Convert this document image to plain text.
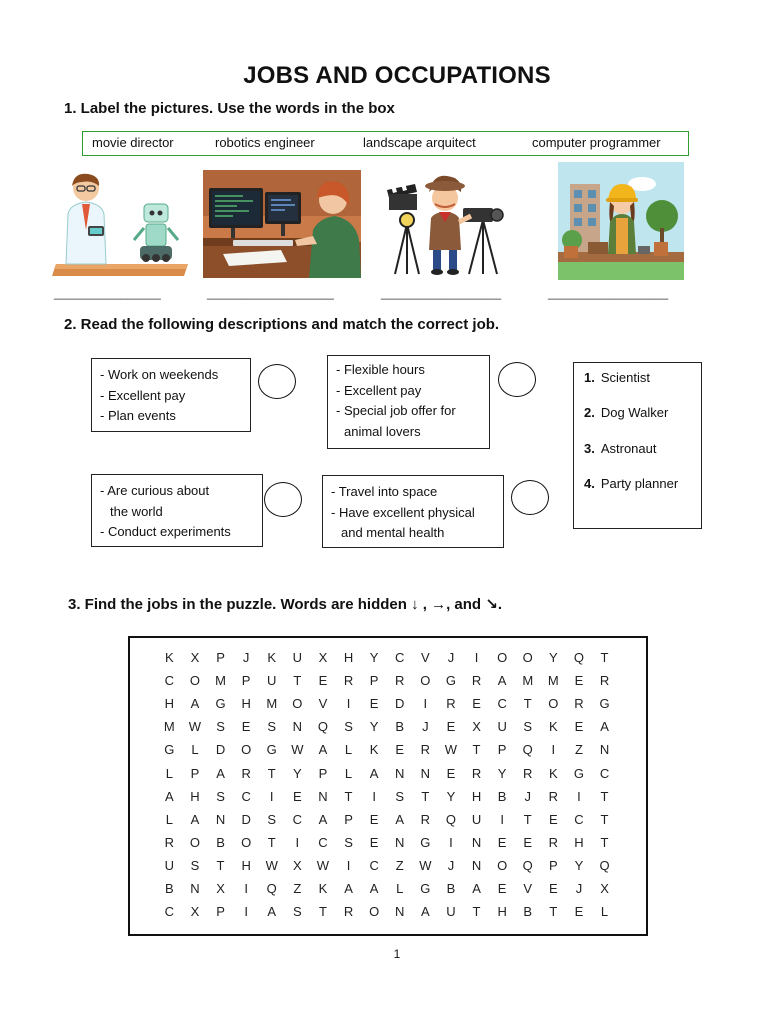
JOBS AND OCCUPATIONS
1. Label the pictures. Use the words in the box
movie director	robotics engineer	landscape arquitect	computer programmer
________________	___________________	__________________	__________________
2. Read the following descriptions and match the correct job.
- Work on weekends
- Excellent pay
- Plan events
- Flexible hours
- Excellent pay
- Special job offer for
animal lovers
- Are curious about
the world
- Conduct experiments
- Travel into space
- Have excellent physical
and mental health
1. Scientist
2. Dog Walker
3. Astronaut
4. Party planner
3. Find the jobs in the puzzle. Words are hidden ↓ , →, and ↘.
K	X	P	J	K	U	X	H	Y	C	V	J	I	O	O	Y	Q	T
C	O	M	P	U	T	E	R	P	R	O	G	R	A	M	M	E	R
H	A	G	H	M	O	V	I	E	D	I	R	E	C	T	O	R	G
M	W	S	E	S	N	Q	S	Y	B	J	E	X	U	S	K	E	A
G	L	D	O	G	W	A	L	K	E	R	W	T	P	Q	I	Z	N
L	P	A	R	T	Y	P	L	A	N	N	E	R	Y	R	K	G	C
A	H	S	C	I	E	N	T	I	S	T	Y	H	B	J	R	I	T
L	A	N	D	S	C	A	P	E	A	R	Q	U	I	T	E	C	T
R	O	B	O	T	I	C	S	E	N	G	I	N	E	E	R	H	T
U	S	T	H	W	X	W	I	C	Z	W	J	N	O	Q	P	Y	Q
B	N	X	I	Q	Z	K	A	A	L	G	B	A	E	V	E	J	X
C	X	P	I	A	S	T	R	O	N	A	U	T	H	B	T	E	L
1
